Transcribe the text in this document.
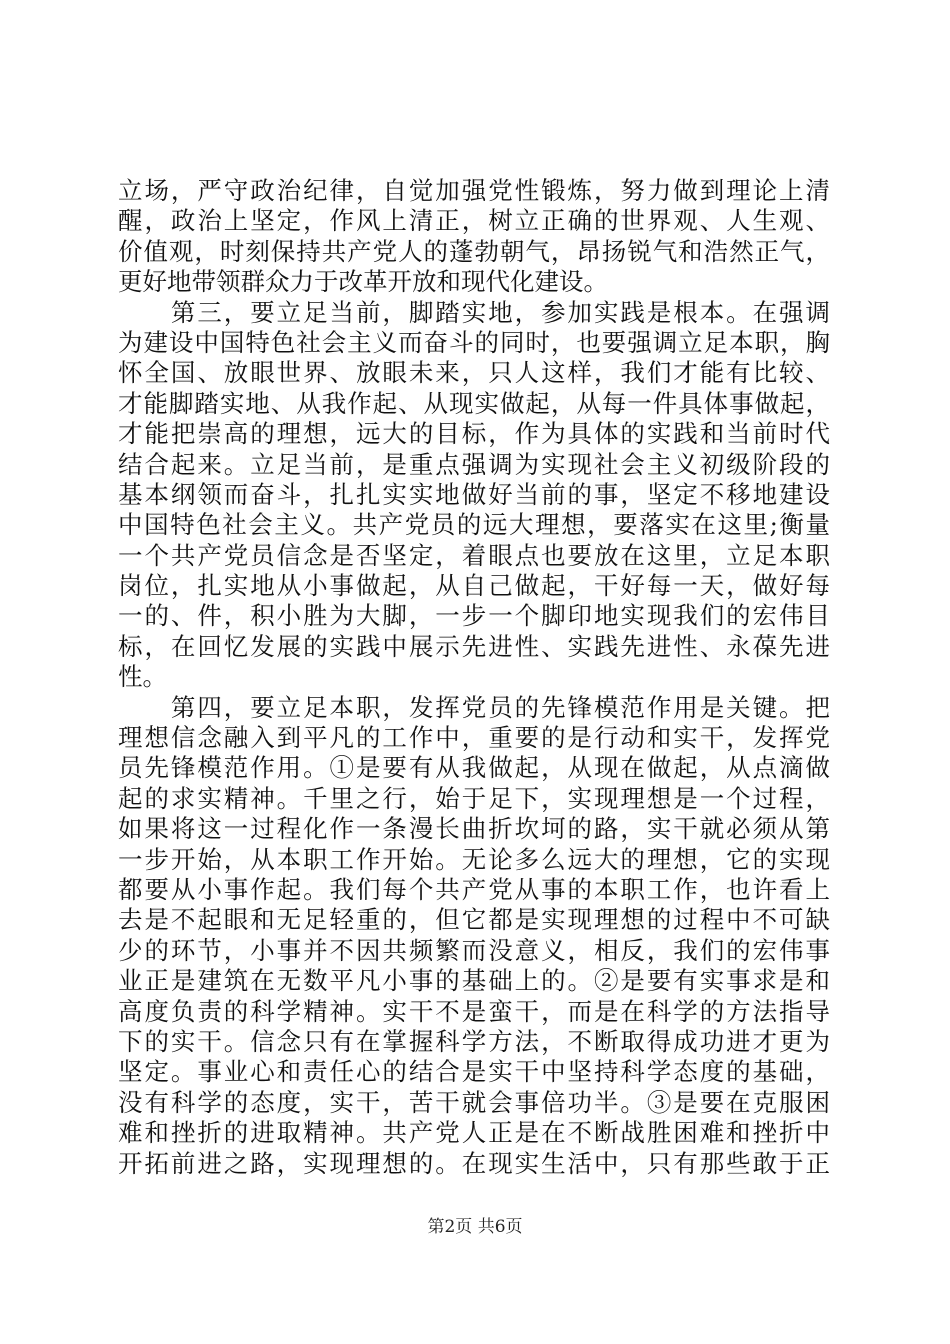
立场，严守政治纪律，自觉加强党性锻炼，努力做到理论上清
醒，政治上坚定，作风上清正，树立正确的世界观、人生观、
价值观，时刻保持共产党人的蓬勃朝气，昂扬锐气和浩然正气，
更好地带领群众力于改革开放和现代化建设。
　　第三，要立足当前，脚踏实地，参加实践是根本。在强调
为建设中国特色社会主义而奋斗的同时，也要强调立足本职，胸
怀全国、放眼世界、放眼未来，只人这样，我们才能有比较、
才能脚踏实地、从我作起、从现实做起，从每一件具体事做起，
才能把崇高的理想，远大的目标，作为具体的实践和当前时代
结合起来。立足当前，是重点强调为实现社会主义初级阶段的
基本纲领而奋斗，扎扎实实地做好当前的事，坚定不移地建设
中国特色社会主义。共产党员的远大理想，要落实在这里;衡量
一个共产党员信念是否坚定，着眼点也要放在这里，立足本职
岗位，扎实地从小事做起，从自己做起，干好每一天，做好每
一的、件，积小胜为大脚，一步一个脚印地实现我们的宏伟目
标，在回忆发展的实践中展示先进性、实践先进性、永葆先进
性。
　　第四，要立足本职，发挥党员的先锋模范作用是关键。把
理想信念融入到平凡的工作中，重要的是行动和实干，发挥党
员先锋模范作用。①是要有从我做起，从现在做起，从点滴做
起的求实精神。千里之行，始于足下，实现理想是一个过程，
如果将这一过程化作一条漫长曲折坎坷的路，实干就必须从第
一步开始，从本职工作开始。无论多么远大的理想，它的实现
都要从小事作起。我们每个共产党从事的本职工作，也许看上
去是不起眼和无足轻重的，但它都是实现理想的过程中不可缺
少的环节，小事并不因共频繁而没意义，相反，我们的宏伟事
业正是建筑在无数平凡小事的基础上的。②是要有实事求是和
高度负责的科学精神。实干不是蛮干，而是在科学的方法指导
下的实干。信念只有在掌握科学方法，不断取得成功进才更为
坚定。事业心和责任心的结合是实干中坚持科学态度的基础，
没有科学的态度，实干，苦干就会事倍功半。③是要在克服困
难和挫折的进取精神。共产党人正是在不断战胜困难和挫折中
开拓前进之路，实现理想的。在现实生活中，只有那些敢于正
第2页 共6页
